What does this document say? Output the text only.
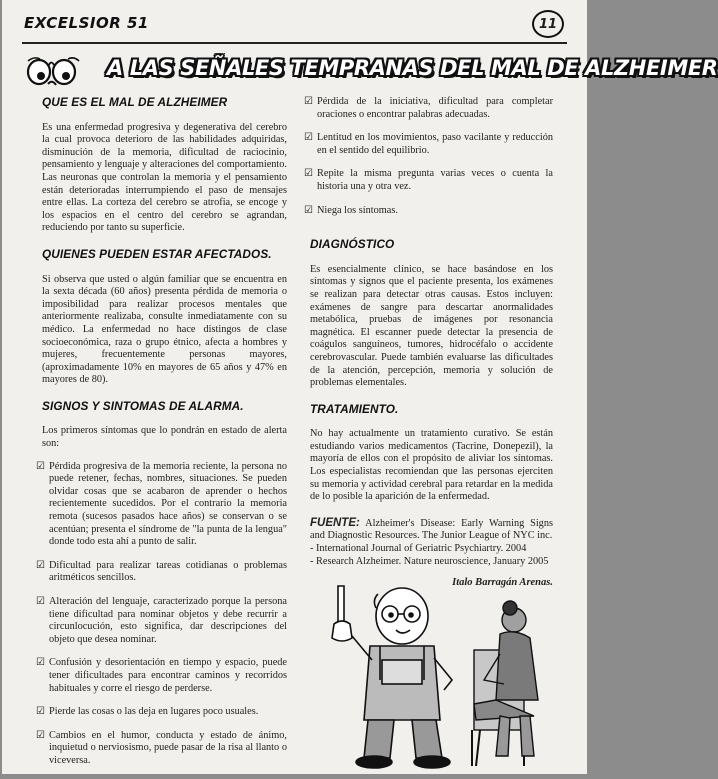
EXCELSIOR 51	11
A LAS SEÑALES TEMPRANAS DEL MAL DE ALZHEIMER
QUE ES EL MAL DE ALZHEIMER

Es una enfermedad progresiva y degenerativa del cerebro la cual provoca deterioro de las habilidades adquiridas, disminución de la memoria, dificultad de raciocinio, pensamiento y lenguaje y alteraciones del comportamiento. Las neuronas que controlan la memoria y el pensamiento están deterioradas interrumpiendo el paso de mensajes entre ellas. La corteza del cerebro se atrofia, se encoge y los espacios en el centro del cerebro se agrandan, reduciendo por tanto su superficie.

QUIENES PUEDEN ESTAR AFECTADOS.

Si observa que usted o algún familiar que se encuentra en la sexta década (60 años) presenta pérdida de memoria o imposibilidad para realizar procesos mentales que anteriormente realizaba, consulte inmediatamente con su médico. La enfermedad no hace distingos de clase socioeconómica, raza o grupo étnico, afecta a hombres y mujeres, frecuentemente personas mayores, (aproximadamente 10% en mayores de 65 años y 47% en mayores de 80).

SIGNOS Y SINTOMAS DE ALARMA.

Los primeros síntomas que lo pondrán en estado de alerta son:

☑ Pérdida progresiva de la memoria reciente, la persona no puede retener, fechas, nombres, situaciones. Se pueden olvidar cosas que se acabaron de aprender o hechos recientemente sucedidos. Por el contrario la memoria remota (sucesos pasados hace años) se conservan o se acentúan; presenta el síndrome de "la punta de la lengua" donde todo esta ahí a punto de salir.
☑ Dificultad para realizar tareas cotidianas o problemas aritméticos sencillos.
☑ Alteración del lenguaje, caracterizado porque la persona tiene dificultad para nominar objetos y debe recurrir a circunlocución, esto significa, dar descripciones del objeto que desea nominar.
☑ Confusión y desorientación en tiempo y espacio, puede tener dificultades para encontrar caminos y recorridos habituales y corre el riesgo de perderse.
☑ Pierde las cosas o las deja en lugares poco usuales.
☑ Cambios en el humor, conducta y estado de ánimo, inquietud o nerviosismo, puede pasar de la risa al llanto o viceversa.
☑ Pérdida de la iniciativa, dificultad para completar oraciones o encontrar palabras adecuadas.
☑ Lentitud en los movimientos, paso vacilante y reducción en el sentido del equilibrio.
☑ Repite la misma pregunta varias veces o cuenta la historia una y otra vez.
☑ Niega los síntomas.
DIAGNÓSTICO

Es esencialmente clínico, se hace basándose en los síntomas y signos que el paciente presenta, los exámenes se realizan para detectar otras causas. Estos incluyen: exámenes de sangre para descartar anormalidades metabólica, pruebas de imágenes por resonancia magnética. El escanner puede detectar la presencia de coágulos sanguíneos, tumores, hidrocéfalo o accidente cerebrovascular. Puede también evaluarse las dificultades de la atención, percepción, memoria y solución de problemas elementales.

TRATAMIENTO.

No hay actualmente un tratamiento curativo. Se están estudiando varios medicamentos (Tacrine, Donepezil), la mayoría de ellos con el propósito de aliviar los síntomas. Los especialistas recomiendan que las personas ejerciten su memoria y actividad cerebral para retardar en la medida de lo posible la aparición de la enfermedad.

FUENTE: Alzheimer's Disease: Early Warning Signs and Diagnostic Resources. The Junior League of NYC inc.

- International Journal of Geriatric Psychiartry. 2004

- Research Alzheimer. Nature neuroscience, January 2005

Italo Barragán Arenas.
